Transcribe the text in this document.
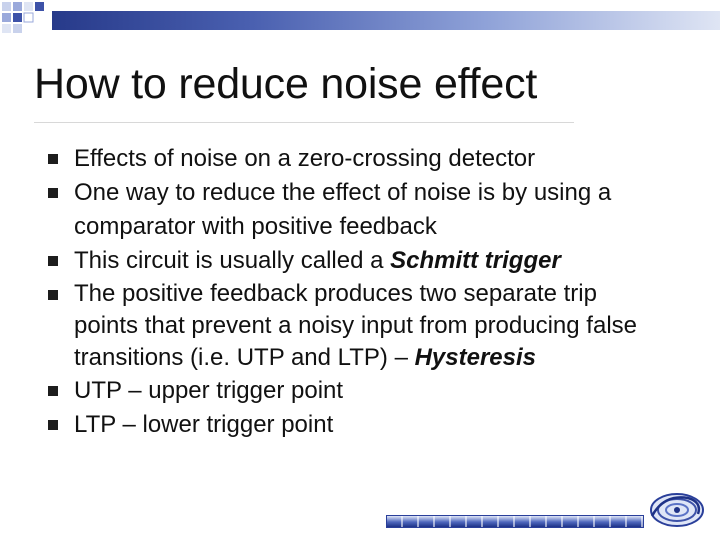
How to reduce noise effect
Effects of noise on a zero-crossing detector
One way to reduce the effect of noise is by using a comparator with positive feedback
This circuit is usually called a Schmitt trigger
The positive feedback produces two separate trip points that prevent a noisy input from producing false transitions (i.e. UTP and LTP) – Hysteresis
UTP – upper trigger point
LTP – lower trigger point
